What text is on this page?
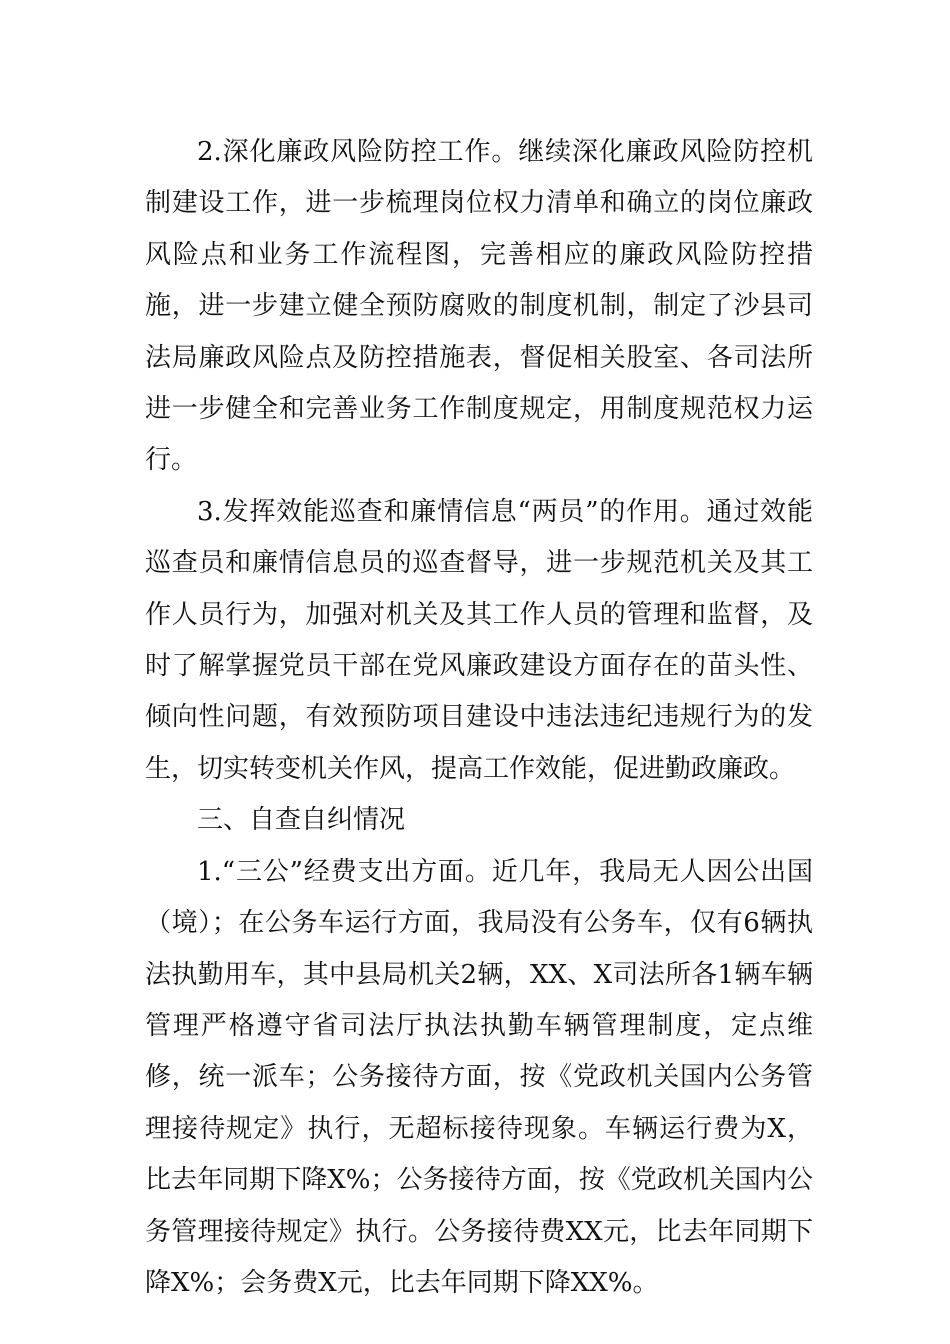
2.深化廉政风险防控工作。继续深化廉政风险防控机制建设工作，进一步梳理岗位权力清单和确立的岗位廉政风险点和业务工作流程图，完善相应的廉政风险防控措施，进一步建立健全预防腐败的制度机制，制定了沙县司法局廉政风险点及防控措施表，督促相关股室、各司法所进一步健全和完善业务工作制度规定，用制度规范权力运行。

3.发挥效能巡查和廉情信息“两员”的作用。通过效能巡查员和廉情信息员的巡查督导，进一步规范机关及其工作人员行为，加强对机关及其工作人员的管理和监督，及时了解掌握党员干部在党风廉政建设方面存在的苗头性、倾向性问题，有效预防项目建设中违法违纪违规行为的发生，切实转变机关作风，提高工作效能，促进勤政廉政。

三、自查自纠情况

1.“三公”经费支出方面。近几年，我局无人因公出国（境）；在公务车运行方面，我局没有公务车，仅有6辆执法执勤用车，其中县局机关2辆，XX、X司法所各1辆车辆管理严格遵守省司法厅执法执勤车辆管理制度，定点维修，统一派车；公务接待方面，按《党政机关国内公务管理接待规定》执行，无超标接待现象。车辆运行费为X，比去年同期下降X%；公务接待方面，按《党政机关国内公务管理接待规定》执行。公务接待费XX元，比去年同期下降X%；会务费X元，比去年同期下降XX%。
